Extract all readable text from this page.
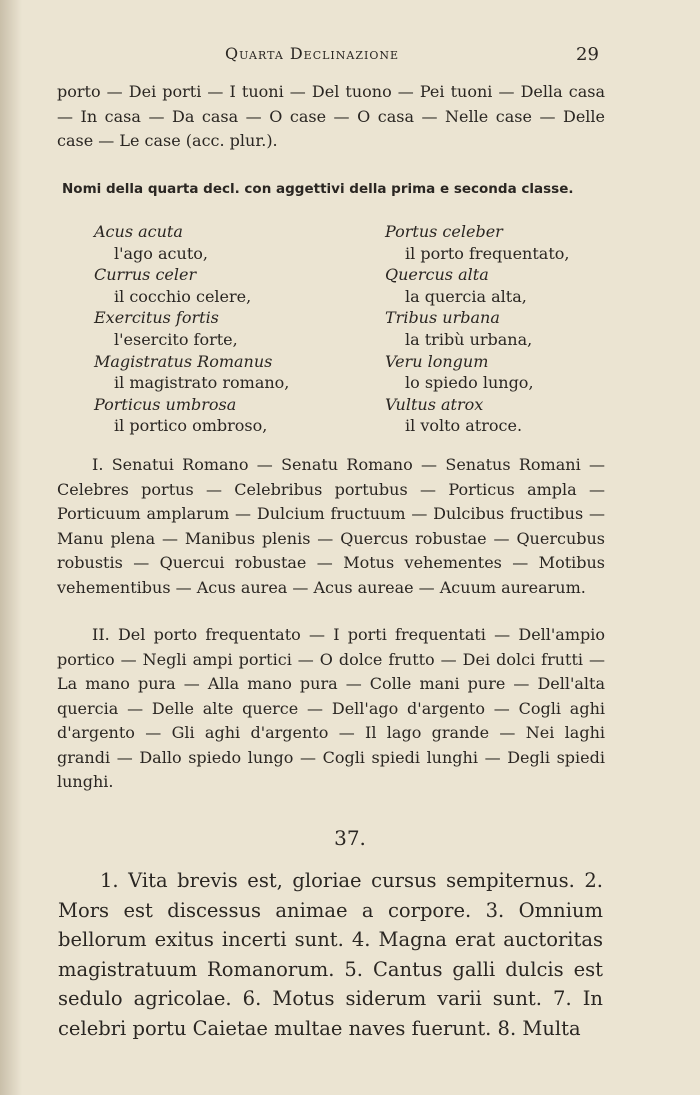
Quarta Declinazione	29

porto — Dei porti — I tuoni — Del tuono — Pei tuoni — Della casa — In casa — Da casa — O case — O casa — Nelle case — Delle case — Le case (acc. plur.).

Nomi della quarta decl. con aggettivi della prima e seconda classe.
Acus acuta
l'ago acuto,
Currus celer
il cocchio celere,
Exercitus fortis
l'esercito forte,
Magistratus Romanus
il magistrato romano,
Porticus umbrosa
il portico ombroso,
Portus celeber
il porto frequentato,
Quercus alta
la quercia alta,
Tribus urbana
la tribù urbana,
Veru longum
lo spiedo lungo,
Vultus atrox
il volto atroce.

I. Senatui Romano — Senatu Romano — Senatus Romani — Celebres portus — Celebribus portubus — Porticus ampla — Porticuum amplarum — Dulcium fructuum — Dulcibus fructibus — Manu plena — Manibus plenis — Quercus robustae — Quercubus robustis — Quercui robustae — Motus vehementes — Motibus vehementibus — Acus aurea — Acus aureae — Acuum aurearum.

II. Del porto frequentato — I porti frequentati — Dell'ampio portico — Negli ampi portici — O dolce frutto — Dei dolci frutti — La mano pura — Alla mano pura — Colle mani pure — Dell'alta quercia — Delle alte querce — Dell'ago d'argento — Cogli aghi d'argento — Gli aghi d'argento — Il lago grande — Nei laghi grandi — Dallo spiedo lungo — Cogli spiedi lunghi — Degli spiedi lunghi.

37.

1. Vita brevis est, gloriae cursus sempiternus. 2. Mors est discessus animae a corpore. 3. Omnium bellorum exitus incerti sunt. 4. Magna erat auctoritas magistratuum Romanorum. 5. Cantus galli dulcis est sedulo agricolae. 6. Motus siderum varii sunt. 7. In celebri portu Caietae multae naves fuerunt. 8. Multa
